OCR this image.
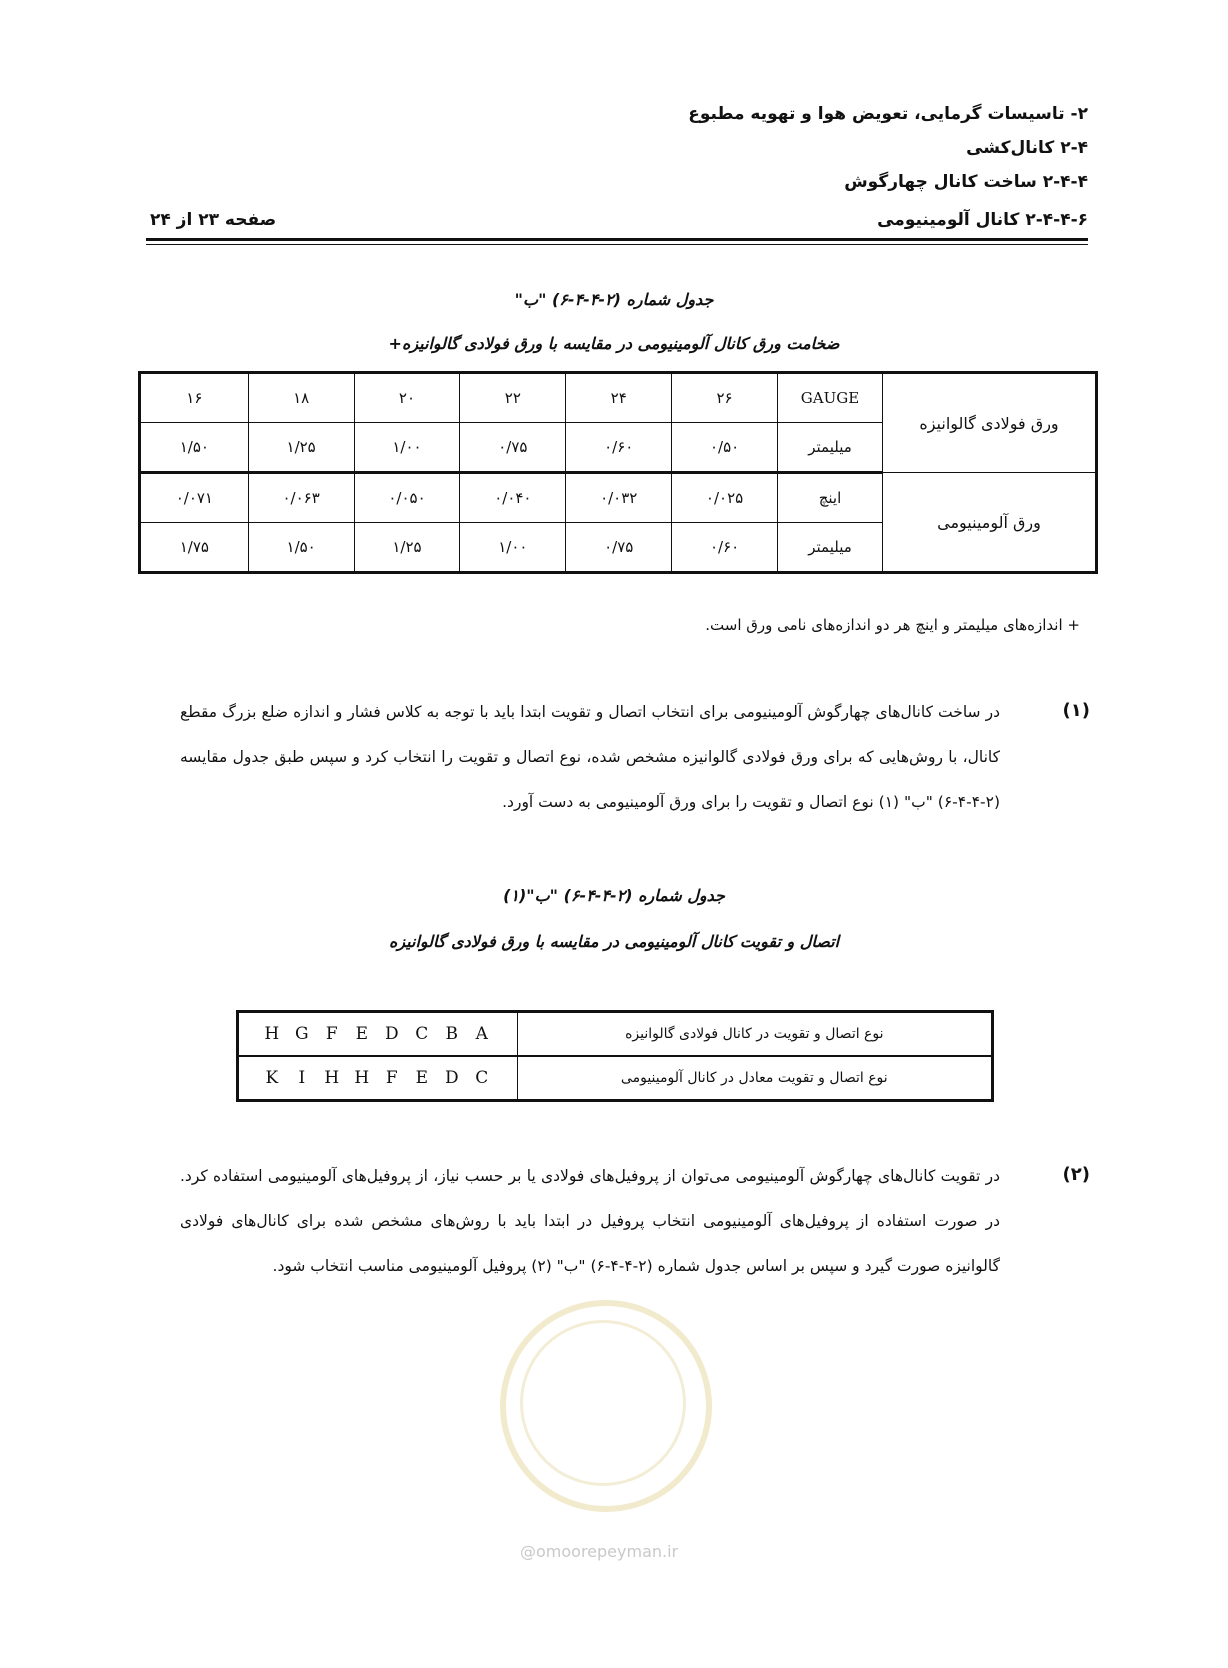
۲- تاسیسات گرمایی، تعویض هوا و تهویه مطبوع
۲-۴ کانال‌کشی
۲-۴-۴ ساخت کانال چهارگوش
۲-۴-۴-۶ کانال آلومینیومی
صفحه ۲۳ از ۲۴
جدول شماره (۲-۴-۴-۶) "ب"
ضخامت ورق کانال آلومینیومی در مقایسه با ورق فولادی گالوانیزه+
ورق فولادی گالوانیزه	GAUGE	۲۶	۲۴	۲۲	۲۰	۱۸	۱۶
	میلیمتر	۰/۵۰	۰/۶۰	۰/۷۵	۱/۰۰	۱/۲۵	۱/۵۰
ورق آلومینیومی	اینچ	۰/۰۲۵	۰/۰۳۲	۰/۰۴۰	۰/۰۵۰	۰/۰۶۳	۰/۰۷۱
	میلیمتر	۰/۶۰	۰/۷۵	۱/۰۰	۱/۲۵	۱/۵۰	۱/۷۵
+ اندازه‌های میلیمتر و اینچ هر دو اندازه‌های نامی ورق است.
(۱)
در ساخت کانال‌های چهارگوش آلومینیومی برای انتخاب اتصال و تقویت ابتدا باید با توجه به کلاس فشار و اندازه ضلع بزرگ مقطع کانال، با روش‌هایی که برای ورق فولادی گالوانیزه مشخص شده، نوع اتصال و تقویت را انتخاب کرد و سپس طبق جدول مقایسه (۲-۴-۴-۶) "ب" (۱) نوع اتصال و تقویت را برای ورق آلومینیومی به دست آورد.
جدول شماره (۲-۴-۴-۶) "ب"(۱)
اتصال و تقویت کانال آلومینیومی در مقایسه با ورق فولادی گالوانیزه
H G F E D C B A	نوع اتصال و تقویت در کانال فولادی گالوانیزه
K I H H F E D C	نوع اتصال و تقویت معادل در کانال آلومینیومی
(۲)
در تقویت کانال‌های چهارگوش آلومینیومی می‌توان از پروفیل‌های فولادی یا بر حسب نیاز، از پروفیل‌های آلومینیومی استفاده کرد. در صورت استفاده از پروفیل‌های آلومینیومی انتخاب پروفیل در ابتدا باید با روش‌های مشخص شده برای کانال‌های فولادی گالوانیزه صورت گیرد و سپس بر اساس جدول شماره (۲-۴-۴-۶) "ب" (۲) پروفیل آلومینیومی مناسب انتخاب شود.
@omoorepeyman.ir
